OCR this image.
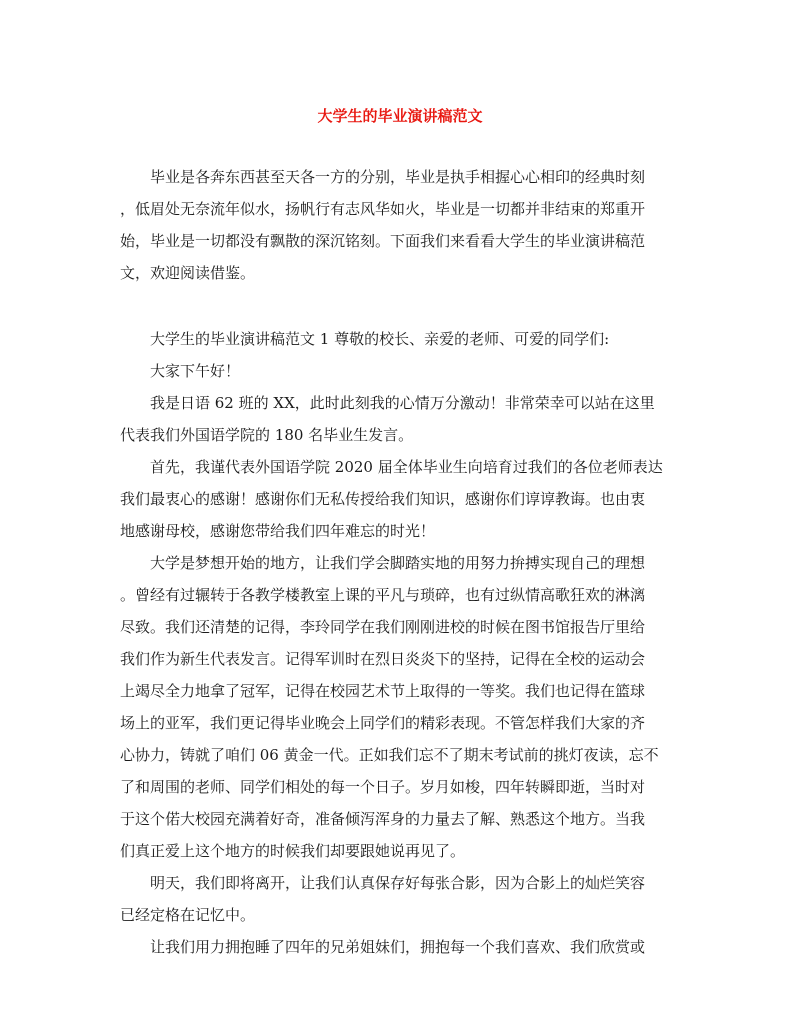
大学生的毕业演讲稿范文
毕业是各奔东西甚至天各一方的分别，毕业是执手相握心心相印的经典时刻
，低眉处无奈流年似水，扬帆行有志风华如火，毕业是一切都并非结束的郑重开
始，毕业是一切都没有飘散的深沉铭刻。下面我们来看看大学生的毕业演讲稿范
文，欢迎阅读借鉴。
大学生的毕业演讲稿范文 1 尊敬的校长、亲爱的老师、可爱的同学们:
大家下午好！
我是日语 62 班的 XX，此时此刻我的心情万分激动！非常荣幸可以站在这里
代表我们外国语学院的 180 名毕业生发言。
首先，我谨代表外国语学院 2020 届全体毕业生向培育过我们的各位老师表达
我们最衷心的感谢！感谢你们无私传授给我们知识，感谢你们谆谆教诲。也由衷
地感谢母校，感谢您带给我们四年难忘的时光！
大学是梦想开始的地方，让我们学会脚踏实地的用努力拚搏实现自己的理想
。曾经有过辗转于各教学楼教室上课的平凡与琐碎，也有过纵情高歌狂欢的淋漓
尽致。我们还清楚的记得，李玲同学在我们刚刚进校的时候在图书馆报告厅里给
我们作为新生代表发言。记得军训时在烈日炎炎下的坚持，记得在全校的运动会
上竭尽全力地拿了冠军，记得在校园艺术节上取得的一等奖。我们也记得在篮球
场上的亚军，我们更记得毕业晚会上同学们的精彩表现。不管怎样我们大家的齐
心协力，铸就了咱们 06 黄金一代。正如我们忘不了期末考试前的挑灯夜读，忘不
了和周围的老师、同学们相处的每一个日子。岁月如梭，四年转瞬即逝，当时对
于这个偌大校园充满着好奇，准备倾泻浑身的力量去了解、熟悉这个地方。当我
们真正爱上这个地方的时候我们却要跟她说再见了。
明天，我们即将离开，让我们认真保存好每张合影，因为合影上的灿烂笑容
已经定格在记忆中。
让我们用力拥抱睡了四年的兄弟姐妹们，拥抱每一个我们喜欢、我们欣赏或
